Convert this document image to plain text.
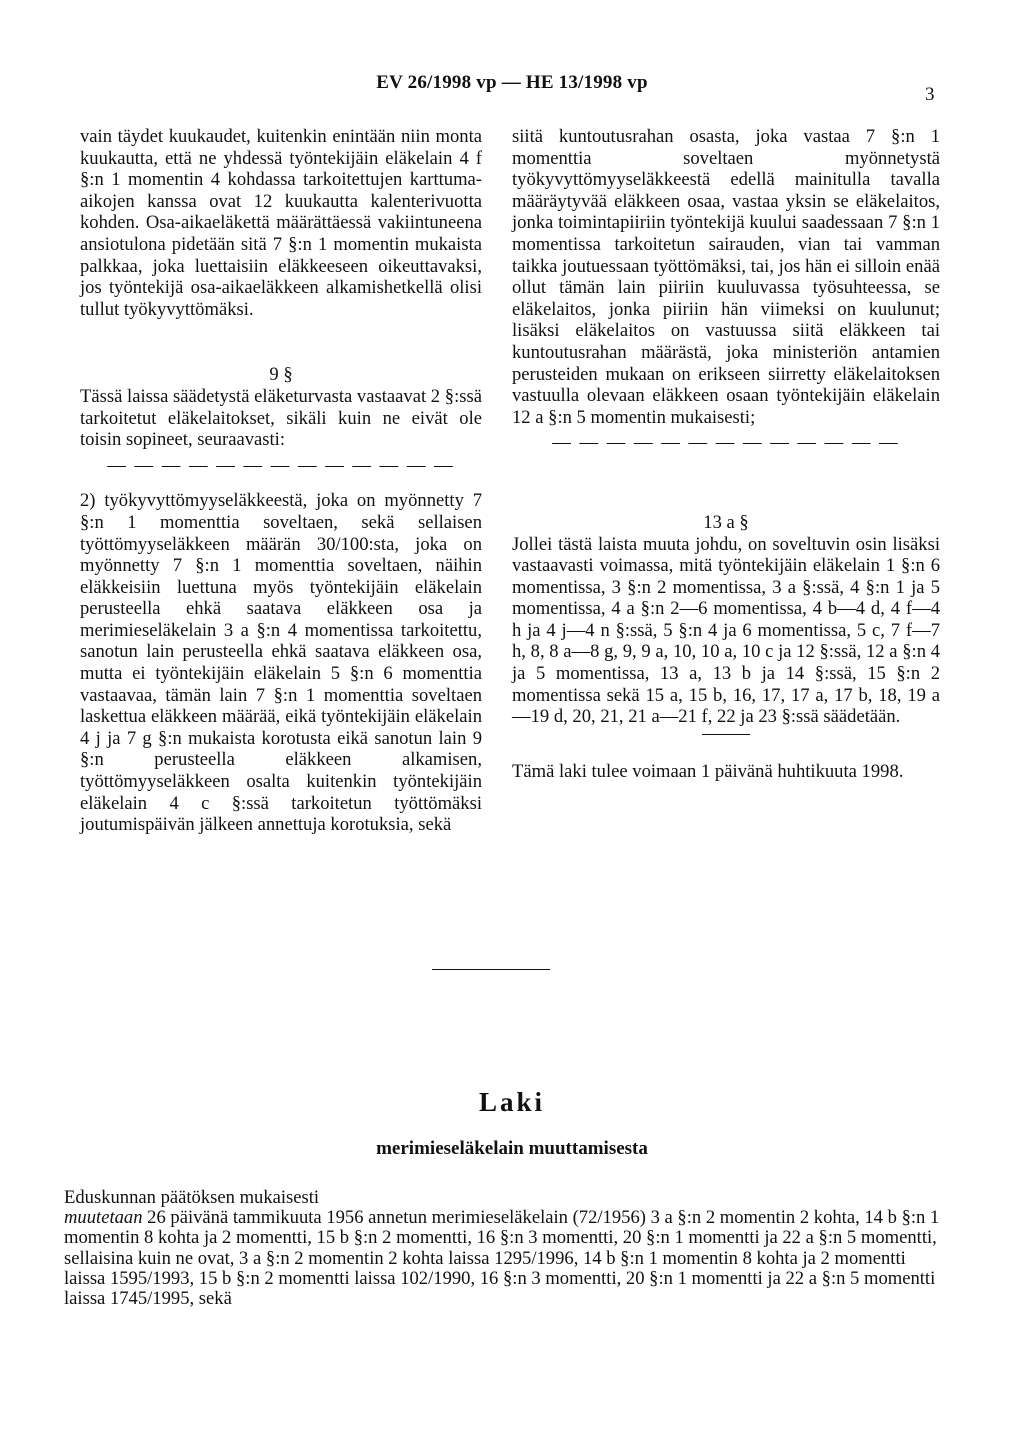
EV 26/1998 vp — HE 13/1998 vp
3

vain täydet kuukaudet, kuitenkin enintään niin monta kuukautta, että ne yhdessä työntekijäin eläkelain 4 f §:n 1 momentin 4 kohdassa tarkoitettujen karttuma-aikojen kanssa ovat 12 kuukautta kalenterivuotta kohden. Osa-aikaeläkettä määrättäessä vakiintuneena ansiotulona pidetään sitä 7 §:n 1 momentin mukaista palkkaa, joka luettaisiin eläkkeeseen oikeuttavaksi, jos työntekijä osa-aikaeläkkeen alkamishetkellä olisi tullut työkyvyttömäksi.

9 §

Tässä laissa säädetystä eläketurvasta vastaavat 2 §:ssä tarkoitetut eläkelaitokset, sikäli kuin ne eivät ole toisin sopineet, seuraavasti:

— — —

2) työkyvyttömyyseläkkeestä, joka on myönnetty 7 §:n 1 momenttia soveltaen, sekä sellaisen työttömyyseläkkeen määrän 30/100:sta, joka on myönnetty 7 §:n 1 momenttia soveltaen, näihin eläkkeisiin luettuna myös työntekijäin eläkelain perusteella ehkä saatava eläkkeen osa ja merimieseläkelain 3 a §:n 4 momentissa tarkoitettu, sanotun lain perusteella ehkä saatava eläkkeen osa, mutta ei työntekijäin eläkelain 5 §:n 6 momenttia vastaavaa, tämän lain 7 §:n 1 momenttia soveltaen laskettua eläkkeen määrää, eikä työntekijäin eläkelain 4 j ja 7 g §:n mukaista korotusta eikä sanotun lain 9 §:n perusteella eläkkeen alkamisen, työttömyyseläkkeen osalta kuitenkin työntekijäin eläkelain 4 c §:ssä tarkoitetun työttömäksi joutumispäivän jälkeen annettuja korotuksia, sekä

siitä kuntoutusrahan osasta, joka vastaa 7 §:n 1 momenttia soveltaen myönnetystä työkyvyttömyyseläkkeestä edellä mainitulla tavalla määräytyvää eläkkeen osaa, vastaa yksin se eläkelaitos, jonka toimintapiiriin työntekijä kuului saadessaan 7 §:n 1 momentissa tarkoitetun sairauden, vian tai vamman taikka joutuessaan työttömäksi, tai, jos hän ei silloin enää ollut tämän lain piiriin kuuluvassa työsuhteessa, se eläkelaitos, jonka piiriin hän viimeksi on kuulunut; lisäksi eläkelaitos on vastuussa siitä eläkkeen tai kuntoutusrahan määrästä, joka ministeriön antamien perusteiden mukaan on erikseen siirretty eläkelaitoksen vastuulla olevaan eläkkeen osaan työntekijäin eläkelain 12 a §:n 5 momentin mukaisesti;

— — —

13 a §

Jollei tästä laista muuta johdu, on soveltuvin osin lisäksi vastaavasti voimassa, mitä työntekijäin eläkelain 1 §:n 6 momentissa, 3 §:n 2 momentissa, 3 a §:ssä, 4 §:n 1 ja 5 momentissa, 4 a §:n 2—6 momentissa, 4 b—4 d, 4 f—4 h ja 4 j—4 n §:ssä, 5 §:n 4 ja 6 momentissa, 5 c, 7 f—7 h, 8, 8 a—8 g, 9, 9 a, 10, 10 a, 10 c ja 12 §:ssä, 12 a §:n 4 ja 5 momentissa, 13 a, 13 b ja 14 §:ssä, 15 §:n 2 momentissa sekä 15 a, 15 b, 16, 17, 17 a, 17 b, 18, 19 a—19 d, 20, 21, 21 a—21 f, 22 ja 23 §:ssä säädetään.

Tämä laki tulee voimaan 1 päivänä huhtikuuta 1998.

Laki
merimieseläkelain muuttamisesta

Eduskunnan päätöksen mukaisesti

muutetaan 26 päivänä tammikuuta 1956 annetun merimieseläkelain (72/1956) 3 a §:n 2 momentin 2 kohta, 14 b §:n 1 momentin 8 kohta ja 2 momentti, 15 b §:n 2 momentti, 16 §:n 3 momentti, 20 §:n 1 momentti ja 22 a §:n 5 momentti,

sellaisina kuin ne ovat, 3 a §:n 2 momentin 2 kohta laissa 1295/1996, 14 b §:n 1 momentin 8 kohta ja 2 momentti laissa 1595/1993, 15 b §:n 2 momentti laissa 102/1990, 16 §:n 3 momentti, 20 §:n 1 momentti ja 22 a §:n 5 momentti laissa 1745/1995, sekä
